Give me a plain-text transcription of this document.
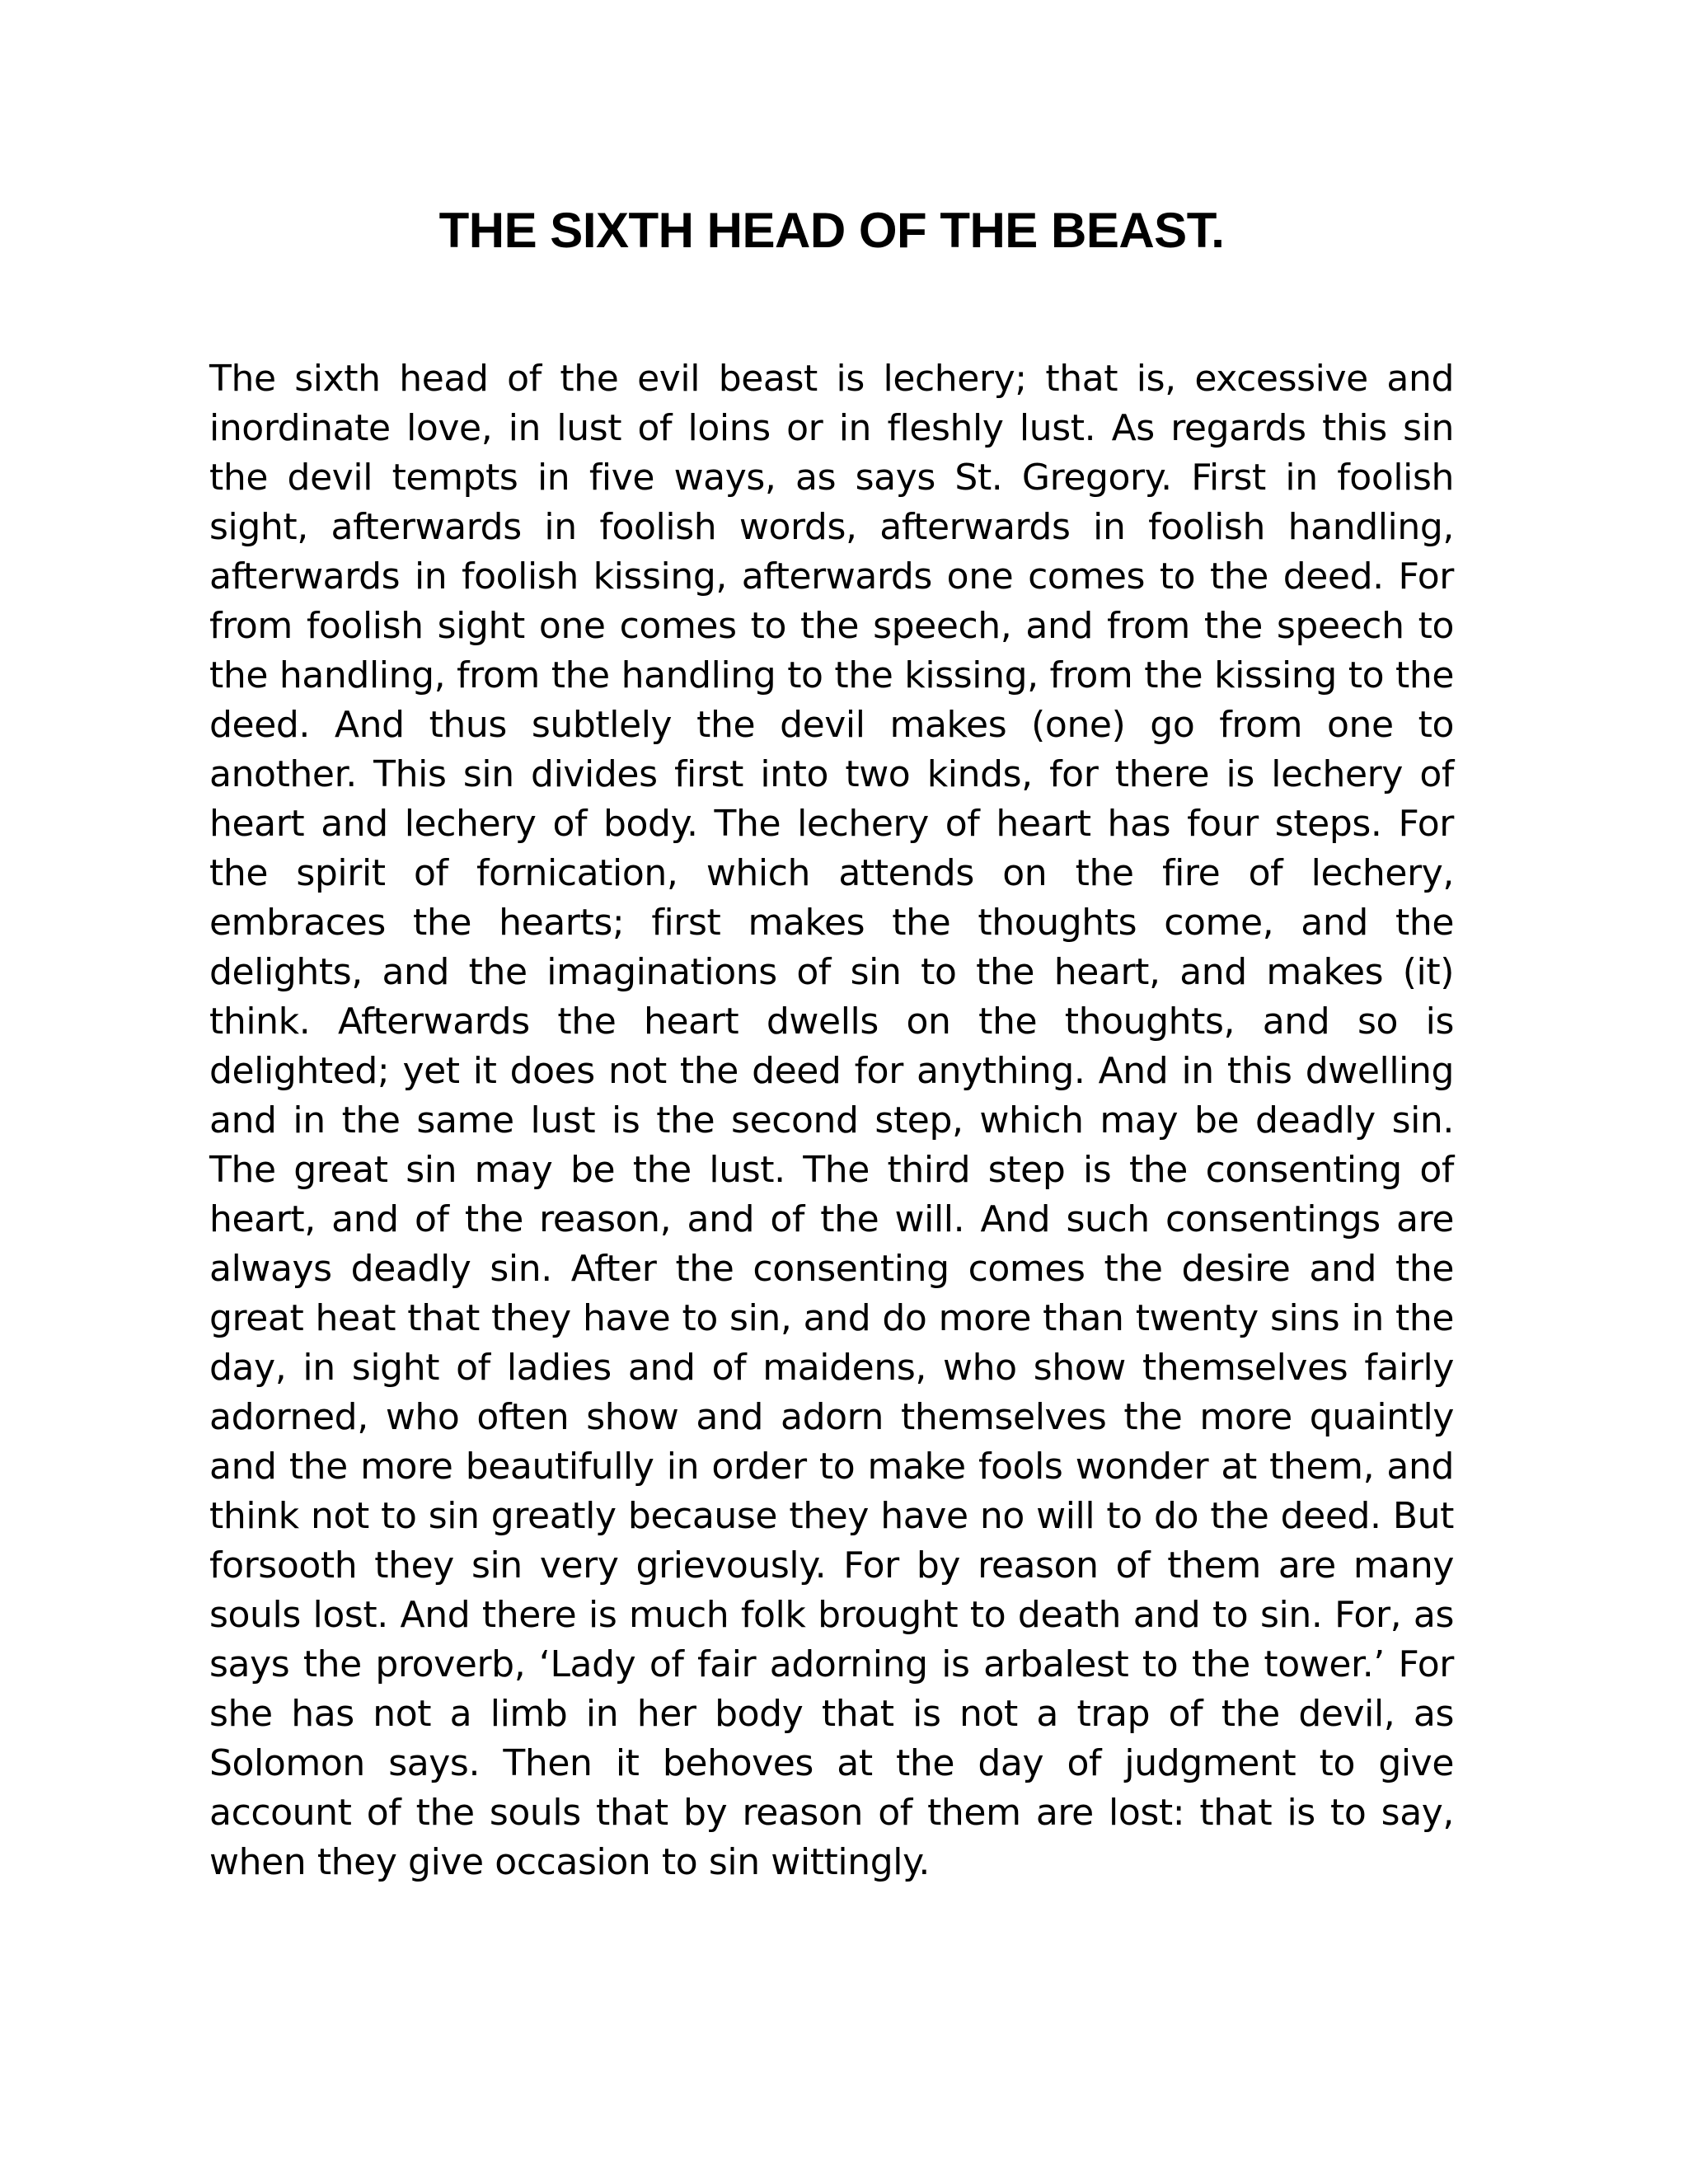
THE SIXTH HEAD OF THE BEAST.

The sixth head of the evil beast is lechery; that is, excessive and inordinate love, in lust of loins or in fleshly lust. As regards this sin the devil tempts in five ways, as says St. Gregory. First in foolish sight, afterwards in foolish words, afterwards in foolish handling, afterwards in foolish kissing, afterwards one comes to the deed. For from foolish sight one comes to the speech, and from the speech to the handling, from the handling to the kissing, from the kissing to the deed. And thus subtlely the devil makes (one) go from one to another. This sin divides first into two kinds, for there is lechery of heart and lechery of body. The lechery of heart has four steps. For the spirit of fornication, which attends on the fire of lechery, embraces the hearts; first makes the thoughts come, and the delights, and the imaginations of sin to the heart, and makes (it) think. Afterwards the heart dwells on the thoughts, and so is delighted; yet it does not the deed for anything. And in this dwelling and in the same lust is the second step, which may be deadly sin. The great sin may be the lust. The third step is the consenting of heart, and of the reason, and of the will. And such consentings are always deadly sin. After the consenting comes the desire and the great heat that they have to sin, and do more than twenty sins in the day, in sight of ladies and of maidens, who show themselves fairly adorned, who often show and adorn themselves the more quaintly and the more beautifully in order to make fools wonder at them, and think not to sin greatly because they have no will to do the deed. But forsooth they sin very grievously. For by reason of them are many souls lost. And there is much folk brought to death and to sin. For, as says the proverb, ‘Lady of fair adorning is arbalest to the tower.’ For she has not a limb in her body that is not a trap of the devil, as Solomon says. Then it behoves at the day of judgment to give account of the souls that by reason of them are lost: that is to say, when they give occasion to sin wittingly.
